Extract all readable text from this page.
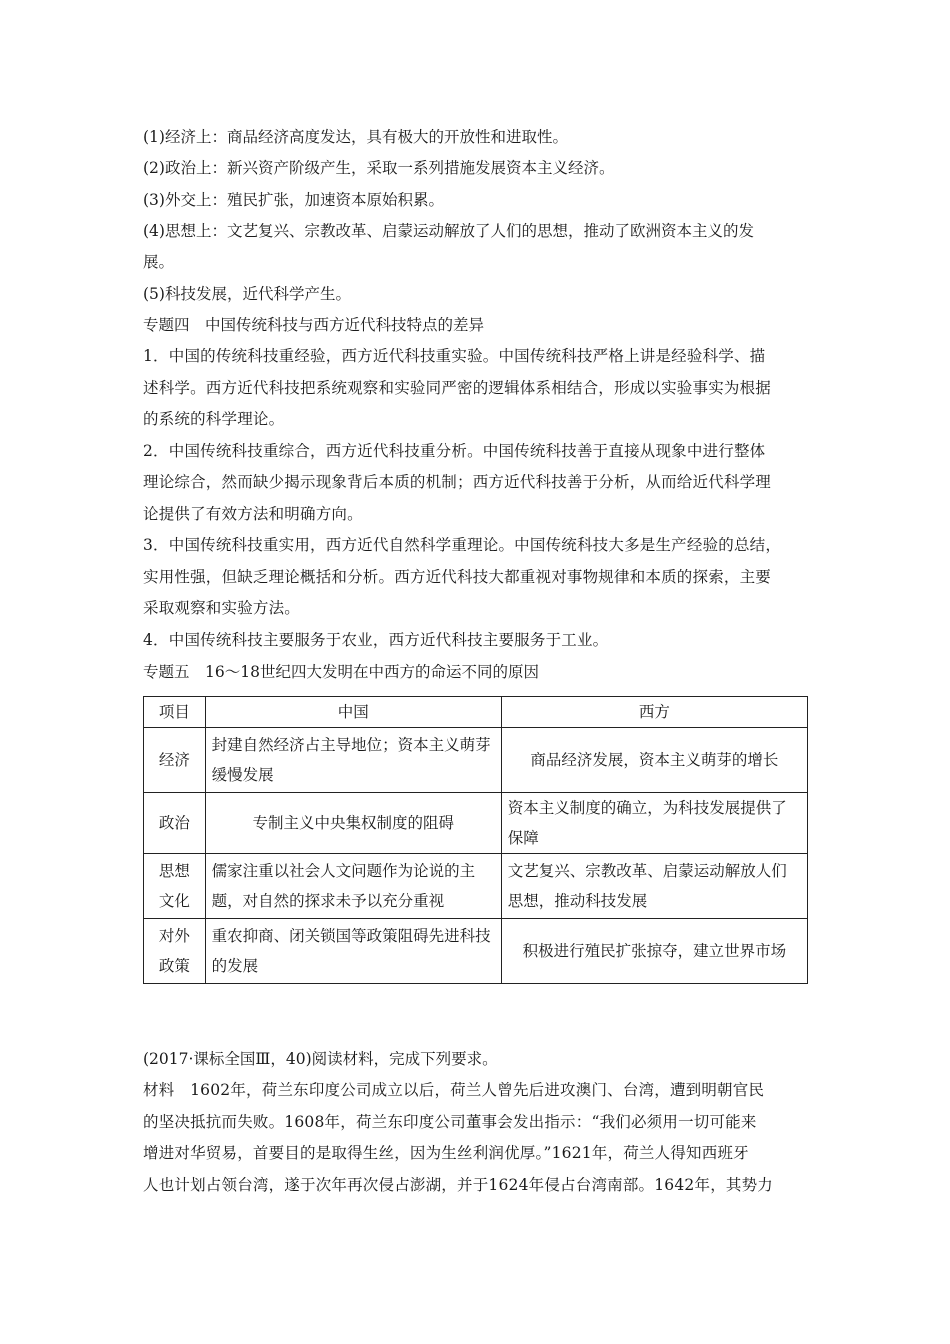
(1)经济上：商品经济高度发达，具有极大的开放性和进取性。
(2)政治上：新兴资产阶级产生，采取一系列措施发展资本主义经济。
(3)外交上：殖民扩张，加速资本原始积累。
(4)思想上：文艺复兴、宗教改革、启蒙运动解放了人们的思想，推动了欧洲资本主义的发
展。
(5)科技发展，近代科学产生。
专题四　中国传统科技与西方近代科技特点的差异
1．中国的传统科技重经验，西方近代科技重实验。中国传统科技严格上讲是经验科学、描
述科学。西方近代科技把系统观察和实验同严密的逻辑体系相结合，形成以实验事实为根据
的系统的科学理论。
2．中国传统科技重综合，西方近代科技重分析。中国传统科技善于直接从现象中进行整体
理论综合，然而缺少揭示现象背后本质的机制；西方近代科技善于分析，从而给近代科学理
论提供了有效方法和明确方向。
3．中国传统科技重实用，西方近代自然科学重理论。中国传统科技大多是生产经验的总结，
实用性强，但缺乏理论概括和分析。西方近代科技大都重视对事物规律和本质的探索，主要
采取观察和实验方法。
4．中国传统科技主要服务于农业，西方近代科技主要服务于工业。
专题五　16～18世纪四大发明在中西方的命运不同的原因
项目	中国	西方

经济	封建自然经济占主导地位；资本主义萌芽缓慢发展	商品经济发展，资本主义萌芽的增长

政治	专制主义中央集权制度的阻碍	资本主义制度的确立，为科技发展提供了保障

思想
文化	儒家注重以社会人文问题作为论说的主题，对自然的探求未予以充分重视	文艺复兴、宗教改革、启蒙运动解放人们思想，推动科技发展

对外
政策	重农抑商、闭关锁国等政策阻碍先进科技的发展	积极进行殖民扩张掠夺，建立世界市场
(2017·课标全国Ⅲ，40)阅读材料，完成下列要求。
材料　1602年，荷兰东印度公司成立以后，荷兰人曾先后进攻澳门、台湾，遭到明朝官民
的坚决抵抗而失败。1608年，荷兰东印度公司董事会发出指示：“我们必须用一切可能来
增进对华贸易，首要目的是取得生丝，因为生丝利润优厚。”1621年，荷兰人得知西班牙
人也计划占领台湾，遂于次年再次侵占澎湖，并于1624年侵占台湾南部。1642年，其势力
